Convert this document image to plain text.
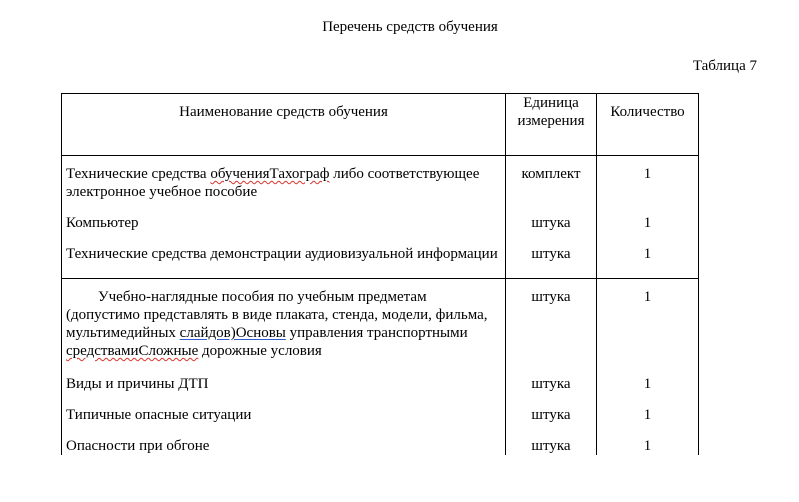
Перечень средств обучения
Таблица 7
Наименование средств обучения	Единица измерения	Количество
Технические средства обученияТахограф либо соответствующее электронное учебное пособие	комплект	1
Компьютер	штука	1
Технические средства демонстрации аудиовизуальной информации	штука	1
Учебно-наглядные пособия по учебным предметам (допустимо представлять в виде плаката, стенда, модели, фильма, мультимедийных слайдов)Основы управления транспортными средствамиСложные дорожные условия	штука	1
Виды и причины ДТП	штука	1
Типичные опасные ситуации	штука	1
Опасности при обгоне	штука	1
